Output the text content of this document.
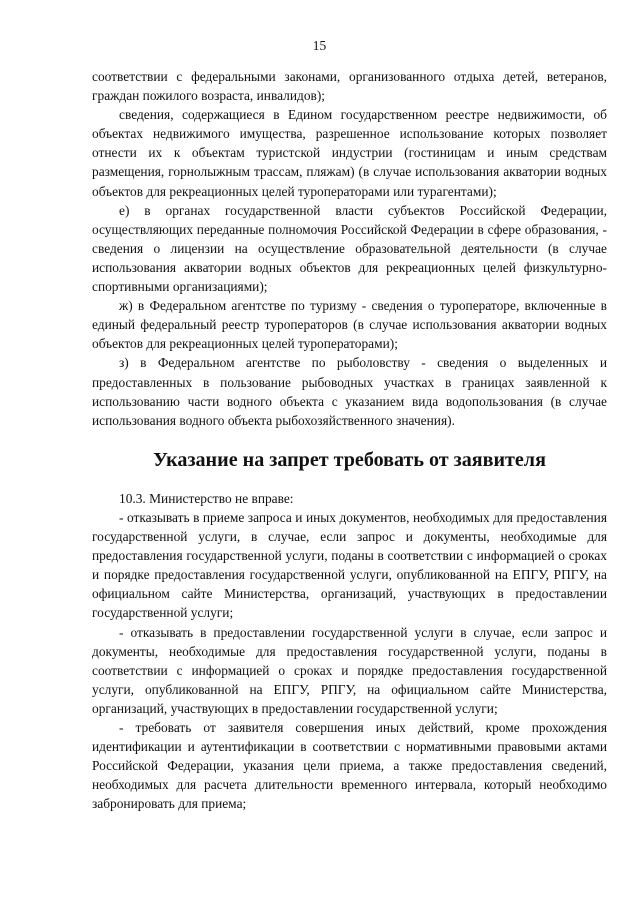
15

соответствии с федеральными законами, организованного отдыха детей, ветеранов, граждан пожилого возраста, инвалидов);

сведения, содержащиеся в Едином государственном реестре недвижимости, об объектах недвижимого имущества, разрешенное использование которых позволяет отнести их к объектам туристской индустрии (гостиницам и иным средствам размещения, горнолыжным трассам, пляжам) (в случае использования акватории водных объектов для рекреационных целей туроператорами или турагентами);

е) в органах государственной власти субъектов Российской Федерации, осуществляющих переданные полномочия Российской Федерации в сфере образования, - сведения о лицензии на осуществление образовательной деятельности (в случае использования акватории водных объектов для рекреационных целей физкультурно-спортивными организациями);

ж) в Федеральном агентстве по туризму - сведения о туроператоре, включенные в единый федеральный реестр туроператоров (в случае использования акватории водных объектов для рекреационных целей туроператорами);

з) в Федеральном агентстве по рыболовству - сведения о выделенных и предоставленных в пользование рыбоводных участках в границах заявленной к использованию части водного объекта с указанием вида водопользования (в случае использования водного объекта рыбохозяйственного значения).

Указание на запрет требовать от заявителя

10.3. Министерство не вправе:

- отказывать в приеме запроса и иных документов, необходимых для предоставления государственной услуги, в случае, если запрос и документы, необходимые для предоставления государственной услуги, поданы в соответствии с информацией о сроках и порядке предоставления государственной услуги, опубликованной на ЕПГУ, РПГУ, на официальном сайте Министерства, организаций, участвующих в предоставлении государственной услуги;

- отказывать в предоставлении государственной услуги в случае, если запрос и документы, необходимые для предоставления государственной услуги, поданы в соответствии с информацией о сроках и порядке предоставления государственной услуги, опубликованной на ЕПГУ, РПГУ, на официальном сайте Министерства, организаций, участвующих в предоставлении государственной услуги;

- требовать от заявителя совершения иных действий, кроме прохождения идентификации и аутентификации в соответствии с нормативными правовыми актами Российской Федерации, указания цели приема, а также предоставления сведений, необходимых для расчета длительности временного интервала, который необходимо забронировать для приема;
